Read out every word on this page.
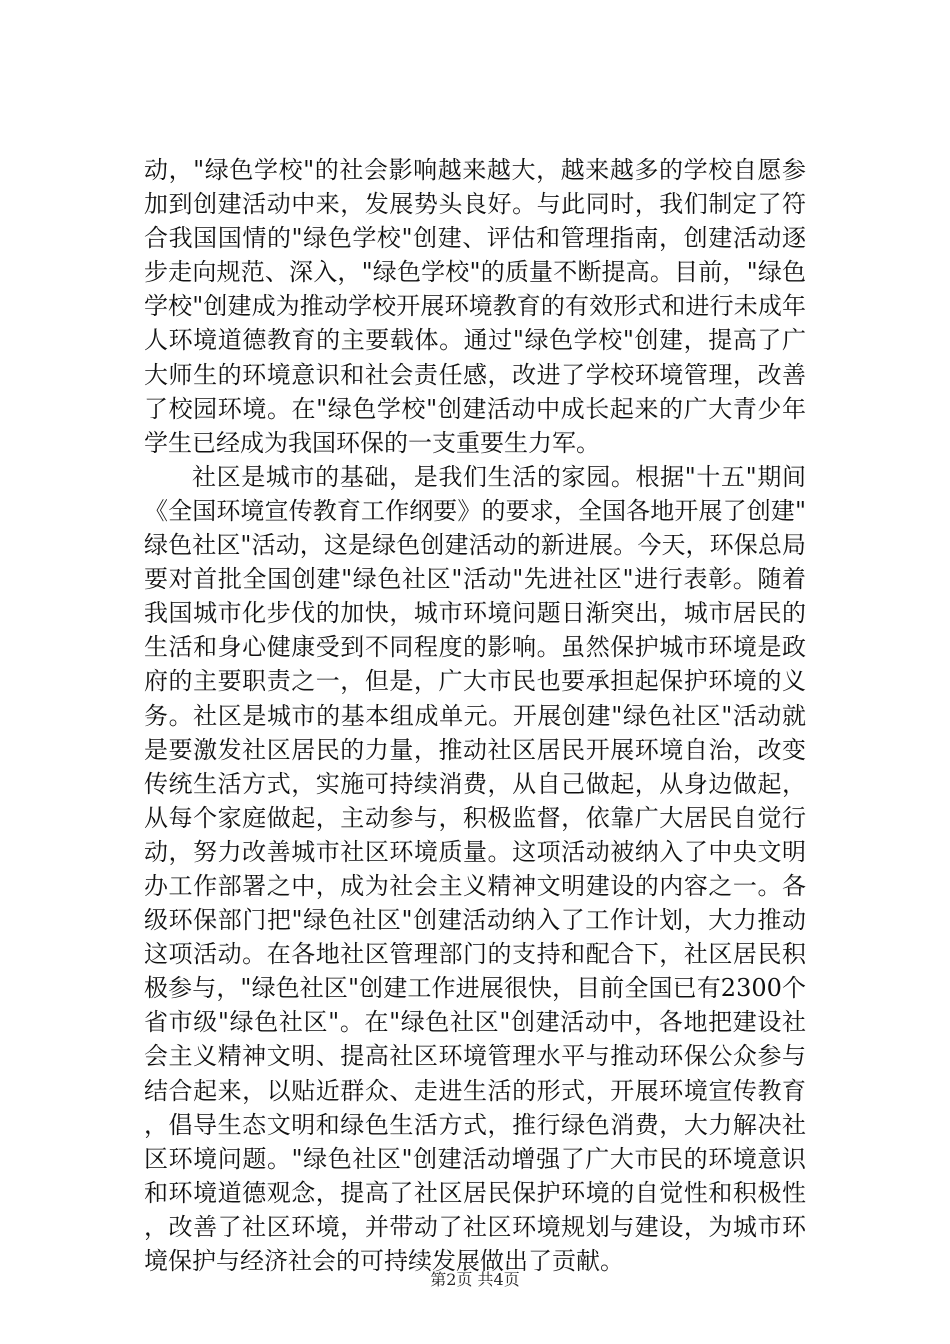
动，"绿色学校"的社会影响越来越大，越来越多的学校自愿参加到创建活动中来，发展势头良好。与此同时，我们制定了符合我国国情的"绿色学校"创建、评估和管理指南，创建活动逐步走向规范、深入，"绿色学校"的质量不断提高。目前，"绿色学校"创建成为推动学校开展环境教育的有效形式和进行未成年人环境道德教育的主要载体。通过"绿色学校"创建，提高了广大师生的环境意识和社会责任感，改进了学校环境管理，改善了校园环境。在"绿色学校"创建活动中成长起来的广大青少年学生已经成为我国环保的一支重要生力军。

社区是城市的基础，是我们生活的家园。根据"十五"期间《全国环境宣传教育工作纲要》的要求，全国各地开展了创建"绿色社区"活动，这是绿色创建活动的新进展。今天，环保总局要对首批全国创建"绿色社区"活动"先进社区"进行表彰。随着我国城市化步伐的加快，城市环境问题日渐突出，城市居民的生活和身心健康受到不同程度的影响。虽然保护城市环境是政府的主要职责之一，但是，广大市民也要承担起保护环境的义务。社区是城市的基本组成单元。开展创建"绿色社区"活动就是要激发社区居民的力量，推动社区居民开展环境自治，改变传统生活方式，实施可持续消费，从自己做起，从身边做起，从每个家庭做起，主动参与，积极监督，依靠广大居民自觉行动，努力改善城市社区环境质量。这项活动被纳入了中央文明办工作部署之中，成为社会主义精神文明建设的内容之一。各级环保部门把"绿色社区"创建活动纳入了工作计划，大力推动这项活动。在各地社区管理部门的支持和配合下，社区居民积极参与，"绿色社区"创建工作进展很快，目前全国已有2300个省市级"绿色社区"。在"绿色社区"创建活动中，各地把建设社会主义精神文明、提高社区环境管理水平与推动环保公众参与结合起来，以贴近群众、走进生活的形式，开展环境宣传教育，倡导生态文明和绿色生活方式，推行绿色消费，大力解决社区环境问题。"绿色社区"创建活动增强了广大市民的环境意识和环境道德观念，提高了社区居民保护环境的自觉性和积极性，改善了社区环境，并带动了社区环境规划与建设，为城市环境保护与经济社会的可持续发展做出了贡献。

第2页 共4页
